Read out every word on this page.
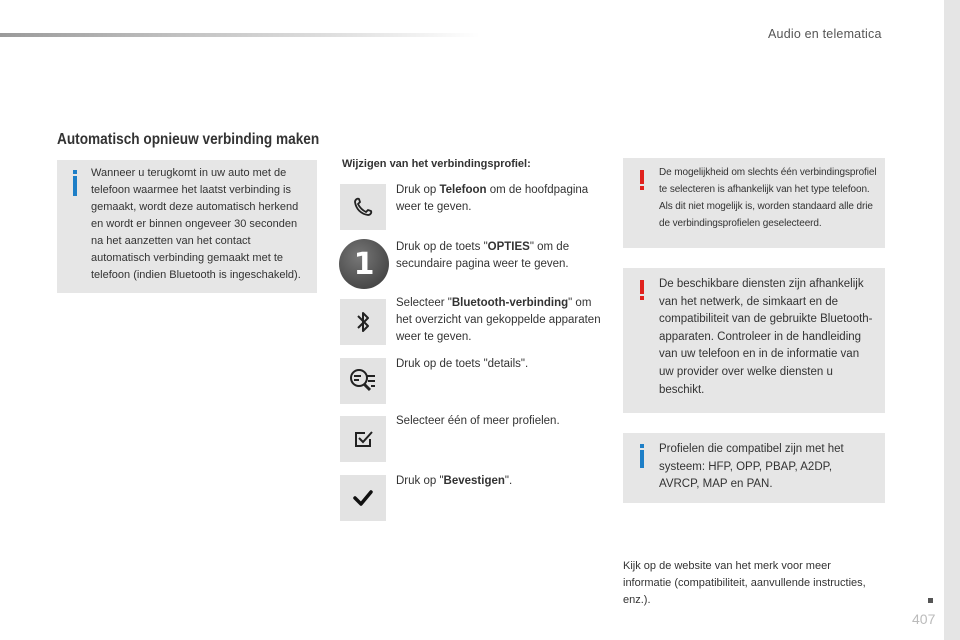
Audio en telematica
Automatisch opnieuw verbinding maken
Wanneer u terugkomt in uw auto met de telefoon waarmee het laatst verbinding is gemaakt, wordt deze automatisch herkend en wordt er binnen ongeveer 30 seconden na het aanzetten van het contact automatisch verbinding gemaakt met te telefoon (indien Bluetooth is ingeschakeld).
Wijzigen van het verbindingsprofiel:
Druk op Telefoon om de hoofdpagina weer te geven.
1 Druk op de toets "OPTIES" om de secundaire pagina weer te geven.
Selecteer "Bluetooth-verbinding" om het overzicht van gekoppelde apparaten weer te geven.
Druk op de toets "details".
Selecteer één of meer profielen.
Druk op "Bevestigen".
De mogelijkheid om slechts één verbindingsprofiel te selecteren is afhankelijk van het type telefoon.
Als dit niet mogelijk is, worden standaard alle drie de verbindingsprofielen geselecteerd.
De beschikbare diensten zijn afhankelijk van het netwerk, de simkaart en de compatibiliteit van de gebruikte Bluetooth-apparaten. Controleer in de handleiding van uw telefoon en in de informatie van uw provider over welke diensten u beschikt.
Profielen die compatibel zijn met het systeem: HFP, OPP, PBAP, A2DP, AVRCP, MAP en PAN.
Kijk op de website van het merk voor meer informatie (compatibiliteit, aanvullende instructies, enz.).
407
